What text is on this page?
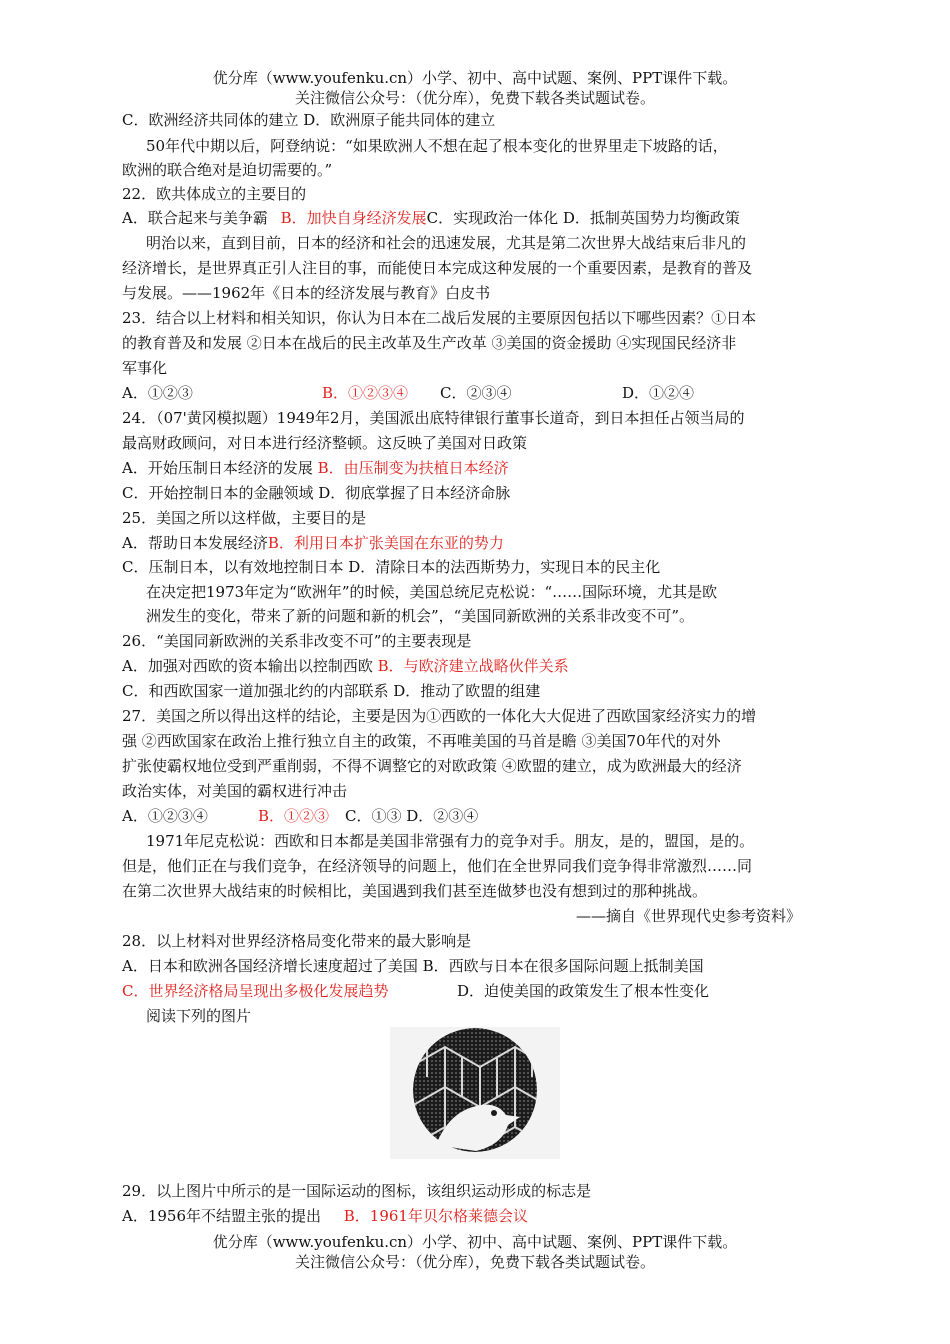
优分库（www.youfenku.cn）小学、初中、高中试题、案例、PPT课件下载。
关注微信公众号：（优分库），免费下载各类试题试卷。
C．欧洲经济共同体的建立 D．欧洲原子能共同体的建立
50年代中期以后，阿登纳说：“如果欧洲人不想在起了根本变化的世界里走下坡路的话，
欧洲的联合绝对是迫切需要的。”
22．欧共体成立的主要目的
A．联合起来与美争霸 B．加快自身经济发展C．实现政治一体化 D．抵制英国势力均衡政策
明治以来，直到目前，日本的经济和社会的迅速发展，尤其是第二次世界大战结束后非凡的
经济增长，是世界真正引人注目的事，而能使日本完成这种发展的一个重要因素，是教育的普及
与发展。——1962年《日本的经济发展与教育》白皮书
23．结合以上材料和相关知识，你认为日本在二战后发展的主要原因包括以下哪些因素？①日本
的教育普及和发展 ②日本在战后的民主改革及生产改革 ③美国的资金援助 ④实现国民经济非
军事化
A．①②③	B．①②③④ C．②③④	D．①②④
24．（07'黄冈模拟题）1949年2月，美国派出底特律银行董事长道奇，到日本担任占领当局的
最高财政顾问，对日本进行经济整顿。这反映了美国对日政策
A．开始压制日本经济的发展 B．由压制变为扶植日本经济
C．开始控制日本的金融领域 D．彻底掌握了日本经济命脉
25．美国之所以这样做，主要目的是
A．帮助日本发展经济B．利用日本扩张美国在东亚的势力
C．压制日本，以有效地控制日本 D．清除日本的法西斯势力，实现日本的民主化
在决定把1973年定为“欧洲年”的时候，美国总统尼克松说：“……国际环境，尤其是欧
洲发生的变化，带来了新的问题和新的机会”，“美国同新欧洲的关系非改变不可”。
26．“美国同新欧洲的关系非改变不可”的主要表现是
A．加强对西欧的资本输出以控制西欧 B．与欧济建立战略伙伴关系
C．和西欧国家一道加强北约的内部联系 D．推动了欧盟的组建
27．美国之所以得出这样的结论，主要是因为①西欧的一体化大大促进了西欧国家经济实力的增
强 ②西欧国家在政治上推行独立自主的政策，不再唯美国的马首是瞻 ③美国70年代的对外
扩张使霸权地位受到严重削弱，不得不调整它的对欧政策 ④欧盟的建立，成为欧洲最大的经济
政治实体，对美国的霸权进行冲击
A．①②③④	B．①②③ C．①③ D．②③④
1971年尼克松说：西欧和日本都是美国非常强有力的竞争对手。朋友，是的，盟国，是的。
但是，他们正在与我们竞争，在经济领导的问题上，他们在全世界同我们竞争得非常激烈……同
在第二次世界大战结束的时候相比，美国遇到我们甚至连做梦也没有想到过的那种挑战。
——摘自《世界现代史参考资料》
28．以上材料对世界经济格局变化带来的最大影响是
A．日本和欧洲各国经济增长速度超过了美国 B．西欧与日本在很多国际问题上抵制美国
C．世界经济格局呈现出多极化发展趋势	D．迫使美国的政策发生了根本性变化
阅读下列的图片
29．以上图片中所示的是一国际运动的图标，该组织运动形成的标志是
A．1956年不结盟主张的提出 B．1961年贝尔格莱德会议
优分库（www.youfenku.cn）小学、初中、高中试题、案例、PPT课件下载。
关注微信公众号：（优分库），免费下载各类试题试卷。
